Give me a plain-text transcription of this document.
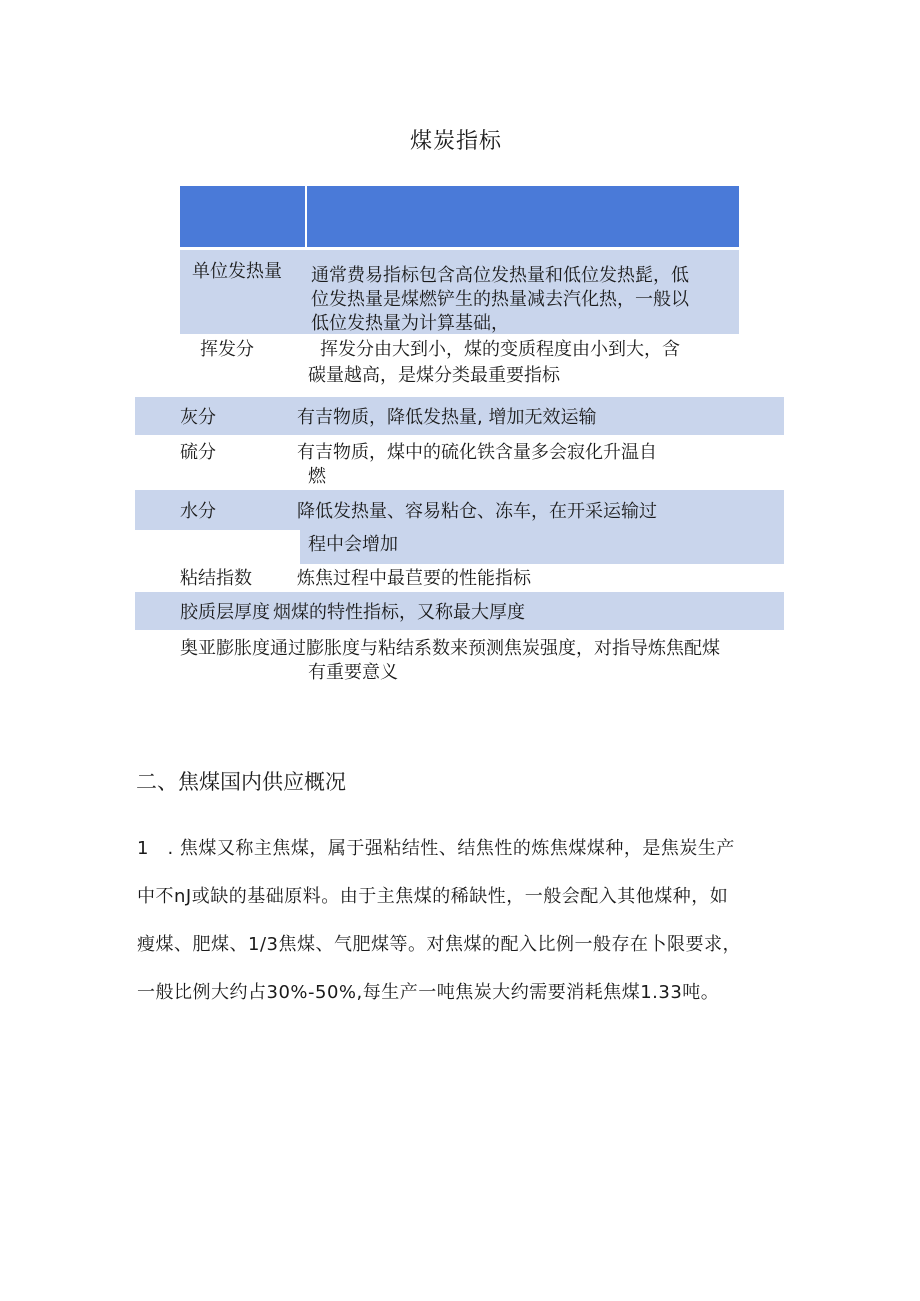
煤炭指标
单位发热量 通常费易指标包含高位发热量和低位发热髭，低
位发热量是煤燃铲生的热量减去汽化热，一般以
低位发热量为计算基础，
挥发分	挥发分由大到小，煤的变质程度由小到大，含
碳量越高，是煤分类最重要指标
灰分	有吉物质，降低发热量, 增加无效运输
硫分	有吉物质，煤中的硫化铁含量多会寂化升温自
燃
水分	降低发热量、容易粘仓、冻车，在开采运输过
程中会增加
粘结指数	炼焦过程中最苣要的性能指标
胶质层厚度 烟煤的特性指标，又称最大厚度
奥亚膨胀度 通过膨胀度与粘结系数来预测焦炭强度，对指导炼焦配煤
有重要意义
二、焦煤国内供应概况
1　. 焦煤又称主焦煤，属于强粘结性、结焦性的炼焦煤煤种，是焦炭生产
中不nJ或缺的基础原料。由于主焦煤的稀缺性，一般会配入其他煤种，如
瘦煤、肥煤、1/3焦煤、气肥煤等。对焦煤的配入比例一般存在卜限要求，
一般比例大约占30%-50%,每生产一吨焦炭大约需要消耗焦煤1.33吨。
